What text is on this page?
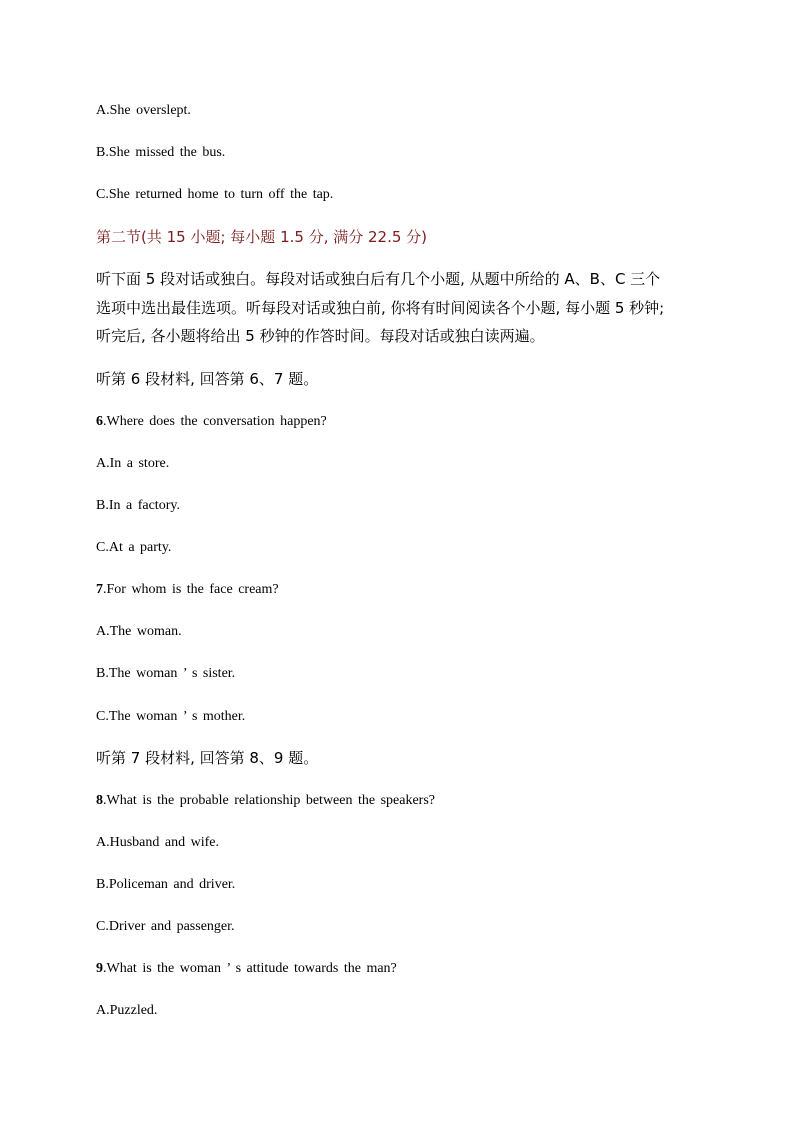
A.She overslept.
B.She missed the bus.
C.She returned home to turn off the tap.
第二节(共 15 小题; 每小题 1.5 分, 满分 22.5 分)
听下面 5 段对话或独白。每段对话或独白后有几个小题, 从题中所给的 A、B、C 三个
选项中选出最佳选项。听每段对话或独白前, 你将有时间阅读各个小题, 每小题 5 秒钟;
听完后, 各小题将给出 5 秒钟的作答时间。每段对话或独白读两遍。
听第 6 段材料, 回答第 6、7 题。
6.Where does the conversation happen?
A.In a store.
B.In a factory.
C.At a party.
7.For whom is the face cream?
A.The woman.
B.The woman ’ s sister.
C.The woman ’ s mother.
听第 7 段材料, 回答第 8、9 题。
8.What is the probable relationship between the speakers?
A.Husband and wife.
B.Policeman and driver.
C.Driver and passenger.
9.What is the woman ’ s attitude towards the man?
A.Puzzled.
